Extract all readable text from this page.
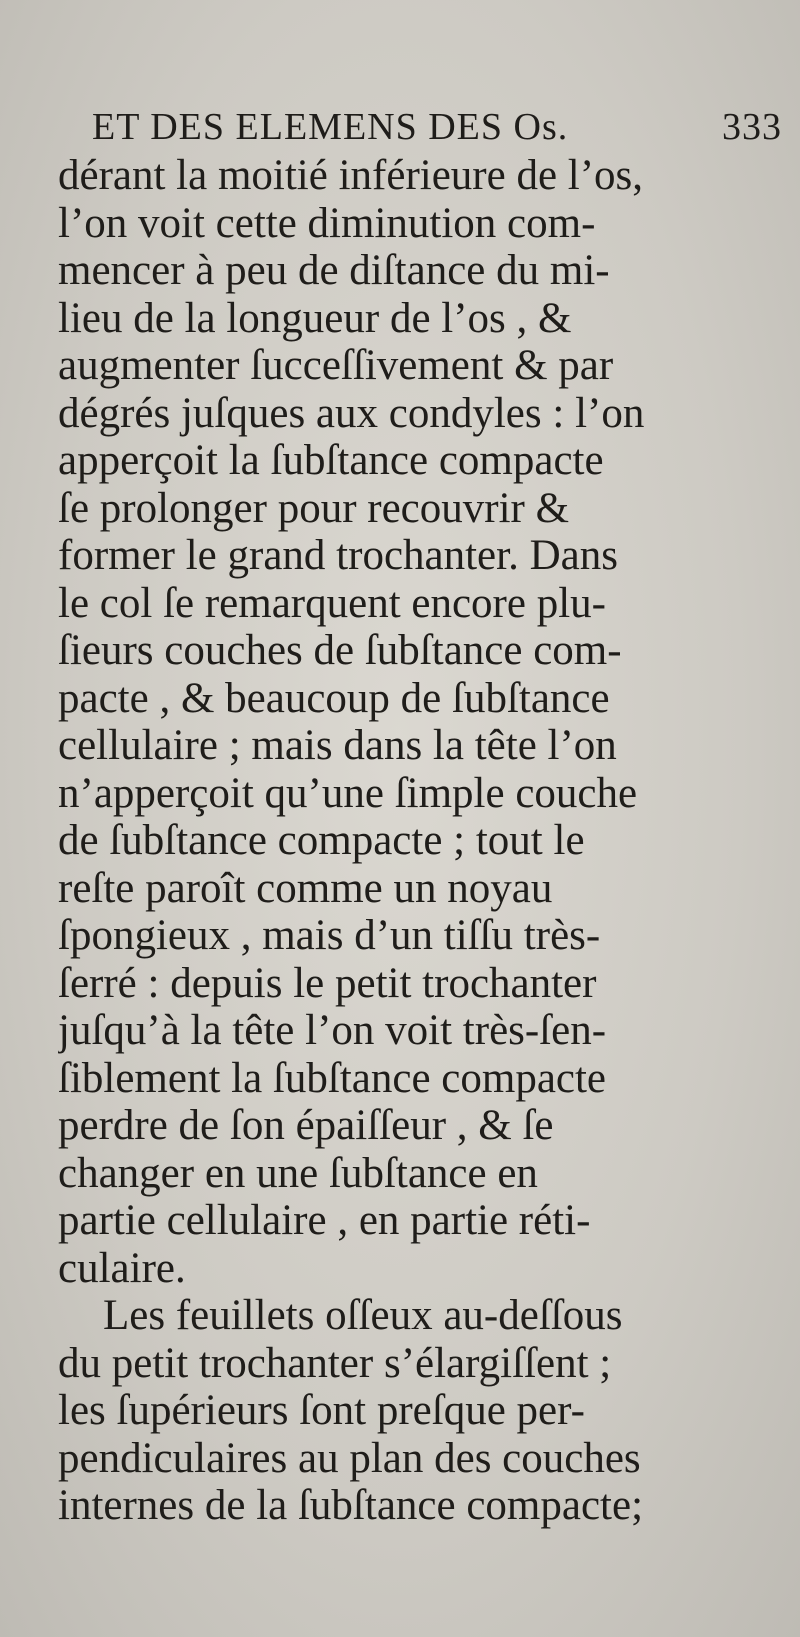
ET DES ELEMENS DES Os.	333
dérant la moitié inférieure de l’os,
l’on voit cette diminution com-
mencer à peu de diſtance du mi-
lieu de la longueur de l’os , &
augmenter ſucceſſivement & par
dégrés juſques aux condyles : l’on
apperçoit la ſubſtance compacte
ſe prolonger pour recouvrir &
former le grand trochanter. Dans
le col ſe remarquent encore plu-
ſieurs couches de ſubſtance com-
pacte , & beaucoup de ſubſtance
cellulaire ; mais dans la tête l’on
n’apperçoit qu’une ſimple couche
de ſubſtance compacte ; tout le
reſte paroît comme un noyau
ſpongieux , mais d’un tiſſu très-
ſerré : depuis le petit trochanter
juſqu’à la tête l’on voit très-ſen-
ſiblement la ſubſtance compacte
perdre de ſon épaiſſeur , & ſe
changer en une ſubſtance en
partie cellulaire , en partie réti-
culaire.
Les feuillets oſſeux au-deſſous
du petit trochanter s’élargiſſent ;
les ſupérieurs ſont preſque per-
pendiculaires au plan des couches
internes de la ſubſtance compacte;
